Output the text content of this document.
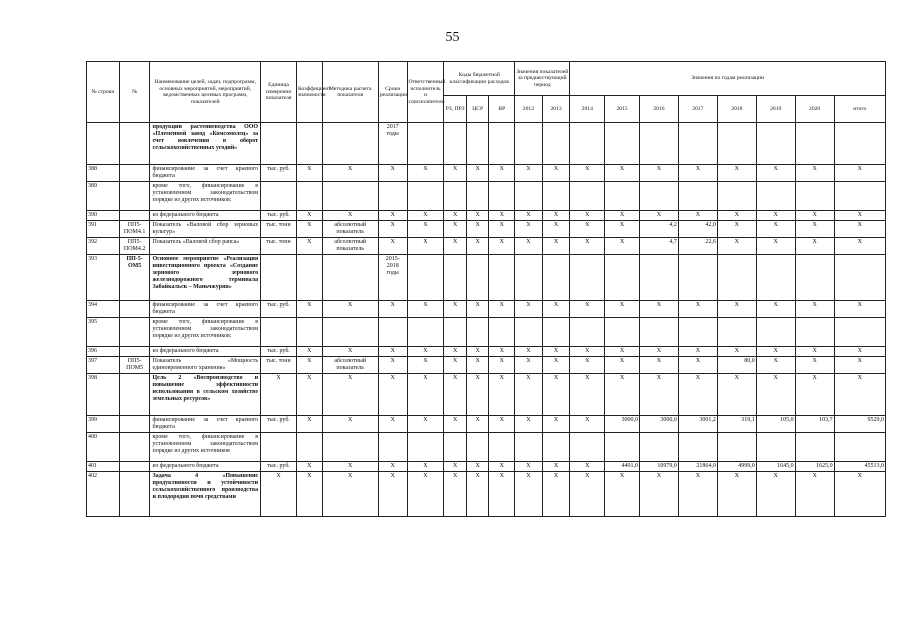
55
№ строки	№	Наименование целей, задач, подпрограмм, основных мероприятий, мероприятий, ведомственных целевых программ, показателей	Единица измерения показателя	Коэффициент значимости	Методика расчета показателя	Сроки реализации	Ответственный исполнитель и соисполнители	Коды бюджетной классификации расходов			Значения показателей за предшествующий период		Значения по годам реализации							
								РЗ, ПРЗ	ЦСР	ВР	2012	2013	2014	2015	2016	2017	2018	2019	2020	итого
		продукции растениеводства ООО «Племенной завод «Комсомолец» за счет вовлечения в оборот сельскохозяйственных угодий»				2017 годы														
388		финансирование за счет краевого бюджета	тыс. руб.	X	X	X	X	X	X	X	X	X	X	X	X	X	X	X	X	X
389		кроме того, финансирование в установленном законодательством порядке из других источников:																		
390		из федерального бюджета	тыс. руб.	X	X	X	X	X	X	X	X	X	X	X	X	X	X	X	X	X
391	ПП5-ПОМ4.1	Показатель «Валовой сбор зерновых культур»	тыс. тонн	X	абсолютный показатель	X	X	X	X	X	X	X	X	X	4,2	42,0	X	X	X	X
392	ПП5-ПОМ4.2	Показатель «Валовой сбор рапса»	тыс. тонн	X	абсолютный показатель	X	X	X	X	X	X	X	X	X	4,7	22,6	X	X	X	X
393	ПП-5-ОМ5	Основное мероприятие «Реализация инвестиционного проекта «Создание зернового зернового железнодорожного терминала Забайкальск – Маньчжурия»				2015-2018 годы														
394		финансирование за счет краевого бюджета	тыс. руб.	X	X	X	X	X	X	X	X	X	X	X	X	X	X	X	X	X
395		кроме того, финансирование в установленном законодательством порядке из других источников:																		
396		из федерального бюджета	тыс. руб.	X	X	X	X	X	X	X	X	X	X	X	X	X	X	X	X	X
397	ПП5-ПОМ5	Показатель «Мощность единовременного хранения»	тыс. тонн	X	абсолютный показатель	X	X	X	X	X	X	X	X	X	X	X	80,0	X	X	X
398		Цель 2 «Воспроизводство и повышение эффективности использования в сельском хозяйстве земельных ресурсов»	X	X	X	X	X	X	X	X	X	X	X	X	X	X	X	X	X	X
399		финансирование за счет краевого бюджета	тыс. руб.	X	X	X	X	X	X	X	X	X	X	3000,0	3000,0	3001,2	319,1	105,0	103,7	9529,0
400		кроме того, финансирование в установленном законодательством порядке из других источников																		
401		из федерального бюджета	тыс. руб.	X	X	X	X	X	X	X	X	X	X	4401,0	10979,0	21864,0	4999,0	1645,0	1625,0	45513,0
402		Задача 4 «Повышение продуктивности и устойчивости сельскохозяйственного производства и плодородия почв средствами	X	X	X	X	X	X	X	X	X	X	X	X	X	X	X	X	X	X
